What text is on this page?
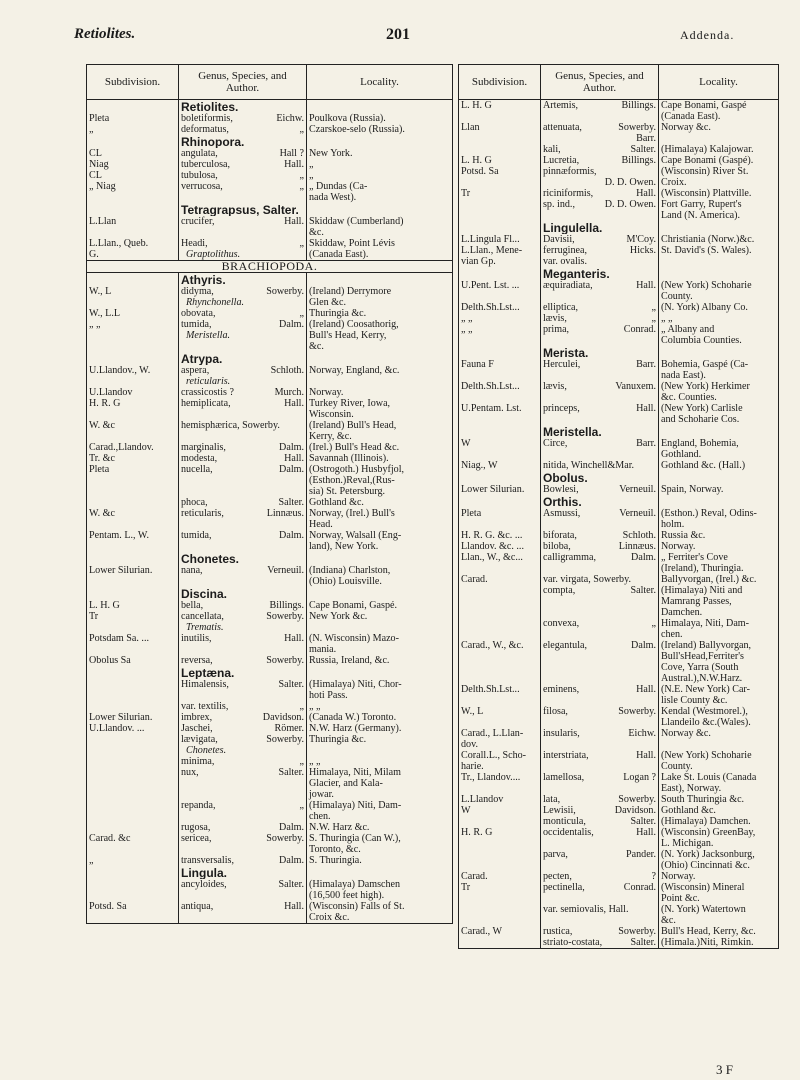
Retiolites.	201	Addenda.
Subdivision.	Genus, Species, and Author.	Locality.

	Retiolites.	

Pleta	boletiformis, Eichw.	Poulkova (Russia).

„	deformatus, „	Czarskoe-selo (Russia).

	Rhinopora.	

CL	angulata, Hall ?	New York.

Niag	tuberculosa, Hall.	„

CL	tubulosa, „	„

„ Niag	verrucosa, „	„ Dundas (Ca-

		nada West).

	Tetragrapsus, Salter.	

L.Llan	crucifer, Hall.	Skiddaw (Cumberland)

		&c.

L.Llan., Queb.	Headi, „	Skiddaw, Point Lévis

G.	Graptolithus.	(Canada East).

BRACHIOPODA.		

	Athyris.	

W., L	didyma, Sowerby.	(Ireland) Derrymore

	Rhynchonella.	Glen &c.

W., L.L	obovata, „	Thuringia &c.

„ „	tumida, Dalm.	(Ireland) Coosathorig,

	Meristella.	Bull's Head, Kerry,

		&c.

	Atrypa.	

U.Llandov., W.	aspera, Schloth.	Norway, England, &c.

	reticularis.	

U.Llandov	crassicostis ? Murch.	Norway.

H. R. G	hemiplicata, Hall.	Turkey River, Iowa,

		Wisconsin.

W. &c	hemisphærica, Sowerby.	(Ireland) Bull's Head,

		Kerry, &c.

Carad.,Llandov.	marginalis, Dalm.	(Irel.) Bull's Head &c.

Tr. &c	modesta, Hall.	Savannah (Illinois).

Pleta	nucella, Dalm.	(Ostrogoth.) Husbyfjol,

		(Esthon.)Reval,(Rus-

		sia) St. Petersburg.

	phoca, Salter.	Gothland &c.

W. &c	reticularis, Linnæus.	Norway, (Irel.) Bull's

		Head.

Pentam. L., W.	tumida, Dalm.	Norway, Walsall (Eng-

		land), New York.

	Chonetes.	

Lower Silurian.	nana, Verneuil.	(Indiana) Charlston,

		(Ohio) Louisville.

	Discina.	

L. H. G	bella, Billings.	Cape Bonami, Gaspé.

Tr	cancellata, Sowerby.	New York &c.

	Trematis.	

Potsdam Sa. ...	inutilis, Hall.	(N. Wisconsin) Mazo-

		mania.

Obolus Sa	reversa, Sowerby.	Russia, Ireland, &c.

	Leptæna.	

	Himalensis, Salter.	(Himalaya) Niti, Chor-

		hoti Pass.

	var. textilis, „	„ „

Lower Silurian.	imbrex, Davidson.	(Canada W.) Toronto.

U.Llandov. ...	Jaschei, Römer.	N.W. Harz (Germany).

	lævigata, Sowerby.	Thuringia &c.

	Chonetes.	

	minima, „	„ „

	nux, Salter.	Himalaya, Niti, Milam

		Glacier, and Kala-

		jowar.

	repanda, „	(Himalaya) Niti, Dam-

		chen.

	rugosa, Dalm.	N.W. Harz &c.

Carad. &c	sericea, Sowerby.	S. Thuringia (Can W.),

		Toronto, &c.

„	transversalis, Dalm.	S. Thuringia.

	Lingula.	

	ancyloides, Salter.	(Himalaya) Damschen

		(16,500 feet high).

Potsd. Sa	antiqua, Hall.	(Wisconsin) Falls of St.

		Croix &c.
Subdivision.	Genus, Species, and Author.	Locality.

L. H. G	Artemis, Billings.	Cape Bonami, Gaspé

		(Canada East).

Llan	attenuata, Sowerby.	Norway &c.

	Barr.	

	kali, Salter.	(Himalaya) Kalajowar.

L. H. G	Lucretia, Billings.	Cape Bonami (Gaspé).

Potsd. Sa	pinnæformis,	(Wisconsin) River St.

	D. D. Owen.	Croix.

Tr	riciniformis, Hall.	(Wisconsin) Plattville.

	sp. ind., D. D. Owen.	Fort Garry, Rupert's

		Land (N. America).

	Lingulella.	

L.Lingula Fl...	Davisii, M'Coy.	Christiania (Norw.)&c.

L.Llan., Mene-	ferruginea, Hicks.	St. David's (S. Wales).

vian Gp.	var. ovalis.	

	Meganteris.	

U.Pent. Lst. ...	æquiradiata, Hall.	(New York) Schoharie

		County.

Delth.Sh.Lst...	elliptica, „	(N. York) Albany Co.

„ „	lævis, „	„ „

„ „	prima, Conrad.	„ Albany and

		Columbia Counties.

	Merista.	

Fauna F	Herculei, Barr.	Bohemia, Gaspé (Ca-

		nada East).

Delth.Sh.Lst...	lævis, Vanuxem.	(New York) Herkimer

		&c. Counties.

U.Pentam. Lst.	princeps, Hall.	(New York) Carlisle

		and Schoharie Cos.

	Meristella.	

W	Circe, Barr.	England, Bohemia,

		Gothland.

Niag., W	nitida, Winchell&Mar.	Gothland &c. (Hall.)

	Obolus.	

Lower Silurian.	Bowlesi, Verneuil.	Spain, Norway.

	Orthis.	

Pleta	Asmussi, Verneuil.	(Esthon.) Reval, Odins-

		holm.

H. R. G. &c. ...	biforata, Schloth.	Russia &c.

Llandov. &c. ...	biloba, Linnæus.	Norway.

Llan., W., &c...	calligramma, Dalm.	„ Ferriter's Cove

		(Ireland), Thuringia.

Carad.	var. virgata, Sowerby.	Ballyvorgan, (Irel.) &c.

	compta, Salter.	(Himalaya) Niti and

		Mamrang Passes,

		Damchen.

	convexa, „	Himalaya, Niti, Dam-

		chen.

Carad., W., &c.	elegantula, Dalm.	(Ireland) Ballyvorgan,

		Bull'sHead,Ferriter's

		Cove, Yarra (South

		Austral.),N.W.Harz.

Delth.Sh.Lst...	eminens, Hall.	(N.E. New York) Car-

		lisle County &c.

W., L	filosa, Sowerby.	Kendal (Westmorel.),

		Llandeilo &c.(Wales).

Carad., L.Llan-	insularis, Eichw.	Norway &c.

dov.		

Corall.L., Scho-	interstriata, Hall.	(New York) Schoharie

harie.		County.

Tr., Llandov....	lamellosa, Logan ?	Lake St. Louis (Canada

		East), Norway.

L.Llandov	lata, Sowerby.	South Thuringia &c.

W	Lewisii, Davidson.	Gothland &c.

	monticula, Salter.	(Himalaya) Damchen.

H. R. G	occidentalis, Hall.	(Wisconsin) GreenBay,

		L. Michigan.

	parva, Pander.	(N. York) Jacksonburg,

		(Ohio) Cincinnati &c.

Carad.	pecten, ?	Norway.

Tr	pectinella, Conrad.	(Wisconsin) Mineral

		Point &c.

	var. semiovalis, Hall.	(N. York) Watertown

		&c.

Carad., W	rustica, Sowerby.	Bull's Head, Kerry, &c.

	striato-costata, Salter.	(Himala.)Niti, Rimkin.
3 F
